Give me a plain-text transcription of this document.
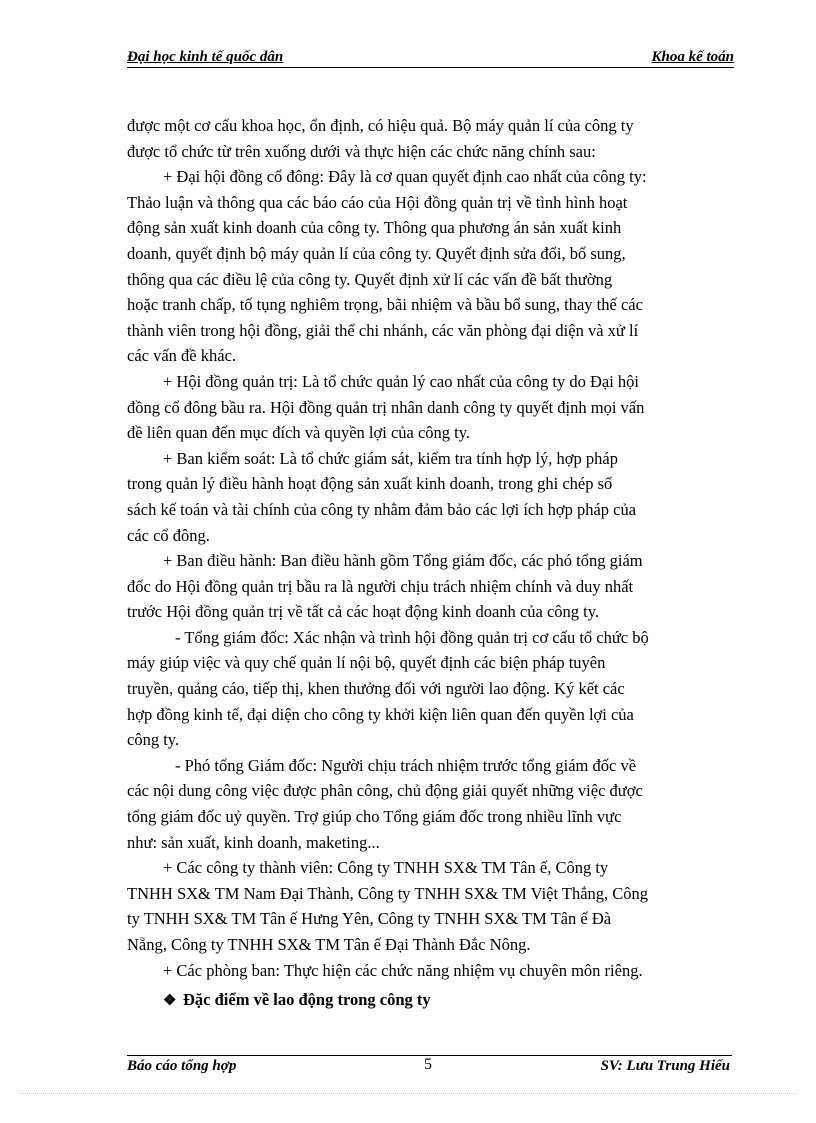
Đại học kinh tế quốc dân	Khoa kế toán
được một cơ cấu khoa học, ổn định, có hiệu quả. Bộ máy quản lí của công ty
được tổ chức từ trên xuống dưới và thực hiện các chức năng chính sau:
+ Đại hội đồng cổ đông: Đây là cơ quan quyết định cao nhất của công ty:
Thảo luận và thông qua các báo cáo của Hội đồng quản trị về tình hình hoạt
động sản xuất kinh doanh của công ty. Thông qua phương án sản xuất kinh
doanh, quyết định bộ máy quản lí của công ty. Quyết định sửa đổi, bổ sung,
thông qua các điều lệ của công ty. Quyết định xử lí các vấn đề bất thường
hoặc tranh chấp, tố tụng nghiêm trọng, bãi nhiệm và bầu bổ sung, thay thế các
thành viên trong hội đồng, giải thể chi nhánh, các văn phòng đại diện và xử lí
các vấn đề khác.
+ Hội đồng quản trị: Là tổ chức quản lý cao nhất của công ty do Đại hội
đồng cổ đông bầu ra. Hội đồng quản trị nhân danh công ty quyết định mọi vấn
đề liên quan đến mục đích và quyền lợi của công ty.
+ Ban kiểm soát: Là tổ chức giám sát, kiểm tra tính hợp lý, hợp pháp
trong quản lý điều hành hoạt động sản xuất kinh doanh, trong ghi chép sổ
sách kế toán và tài chính của công ty nhằm đảm bảo các lợi ích hợp pháp của
các cổ đông.
+ Ban điều hành: Ban điều hành gồm Tổng giám đốc, các phó tổng giám
đốc do Hội đồng quản trị bầu ra là người chịu trách nhiệm chính và duy nhất
trước Hội đồng quản trị về tất cả các hoạt động kinh doanh của công ty.
- Tổng giám đốc: Xác nhận và trình hội đồng quản trị cơ cấu tổ chức bộ
máy giúp việc và quy chế quản lí nội bộ, quyết định các biện pháp tuyên
truyền, quảng cáo, tiếp thị, khen thưởng đối với người lao động. Ký kết các
hợp đồng kinh tế, đại diện cho công ty khởi kiện liên quan đến quyền lợi của
công ty.
- Phó tổng Giám đốc: Người chịu trách nhiệm trước tổng giám đốc về
các nội dung công việc được phân công, chủ động giải quyết những việc được
tổng giám đốc uỷ quyền. Trợ giúp cho Tổng giám đốc trong nhiều lĩnh vực
như: sản xuất, kinh doanh, maketing...
+ Các công ty thành viên: Công ty TNHH SX& TM Tân ế, Công ty
TNHH SX& TM Nam Đại Thành, Công ty TNHH SX& TM Việt Thắng, Công
ty TNHH SX& TM Tân ế Hưng Yên, Công ty TNHH SX& TM Tân ế Đà
Nẵng, Công ty TNHH SX& TM Tân ế Đại Thành Đắc Nông.
+ Các phòng ban: Thực hiện các chức năng nhiệm vụ chuyên môn riêng.
❖ Đặc điểm về lao động trong công ty
Báo cáo tổng hợp	5	SV: Lưu Trung Hiếu
